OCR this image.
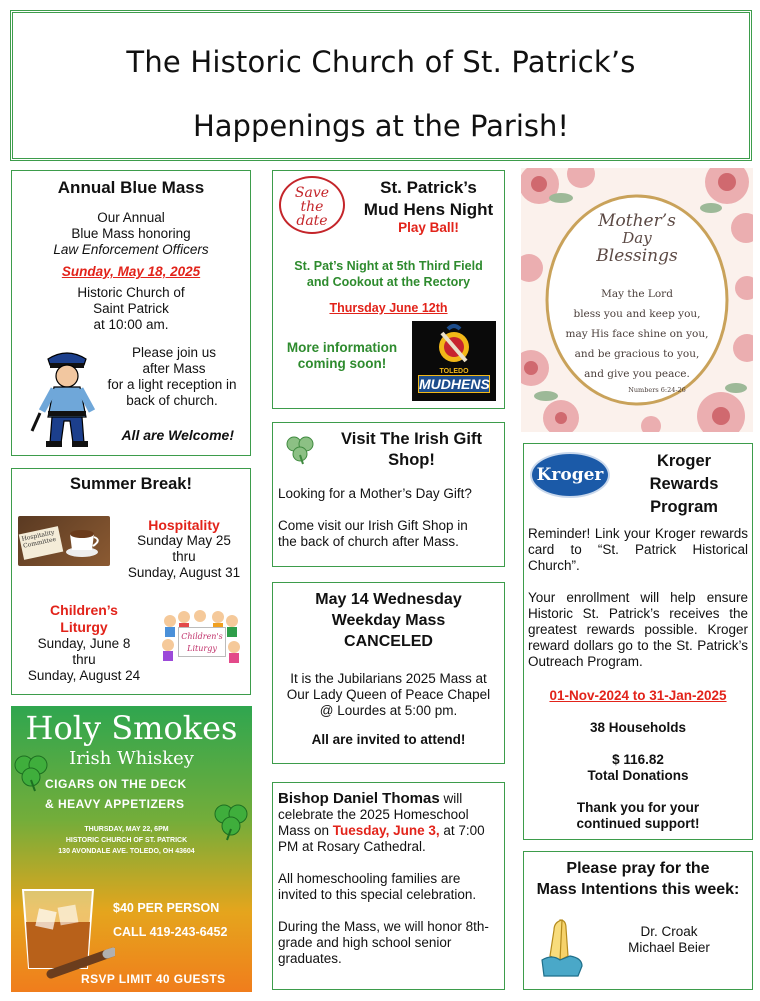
The Historic Church of St. Patrick’s
Happenings at the Parish!
Annual Blue Mass
Our Annual
Blue Mass honoring
Law Enforcement Officers
Sunday, May 18, 2025
Historic Church of
Saint Patrick
at 10:00 am.
Please join us
after Mass
for a light reception in
back of church.
All are Welcome!
Save
the
date
St. Patrick’s
Mud Hens Night
Play Ball!
St. Pat’s Night at 5th Third Field
and Cookout at the Rectory
Thursday June 12th
More information
coming soon!
TOLEDO
MUDHENS
Mother’s
Day
Blessings
May the Lord
bless you and keep you,
may His face shine on you,
and be gracious to you,
and give you peace.
Numbers 6:24-26
Visit The Irish Gift
Shop!
Looking for a Mother’s Day Gift?
Come visit our Irish Gift Shop in
the back of church after Mass.
Summer Break!
Hospitality Committee
Hospitality
Sunday May 25
thru
Sunday, August 31
Children’s
Liturgy
Sunday, June 8
thru
Sunday, August 24
Children's Liturgy
May 14 Wednesday
Weekday Mass
CANCELED
It is the Jubilarians 2025 Mass at
Our Lady Queen of Peace Chapel
@ Lourdes at 5:00 pm.
All are invited to attend!
Kroger
Kroger
Rewards
Program
Reminder! Link your Kroger rewards card to “St. Patrick Historical Church”.
Your enrollment will help ensure Historic St. Patrick’s receives the greatest rewards possible. Kroger reward dollars go to the St. Patrick’s Outreach Program.
01-Nov-2024 to 31-Jan-2025
38 Households
$ 116.82
Total Donations
Thank you for your
continued support!
Holy Smokes
Irish Whiskey
CIGARS ON THE DECK
& HEAVY APPETIZERS
THURSDAY, MAY 22, 6PM
HISTORIC CHURCH OF ST. PATRICK
130 AVONDALE AVE. TOLEDO, OH 43604
$40 PER PERSON
CALL 419-243-6452
RSVP LIMIT 40 GUESTS
Bishop Daniel Thomas will celebrate the 2025 Homeschool Mass on Tuesday, June 3, at 7:00 PM at Rosary Cathedral.
All homeschooling families are invited to this special celebration.
During the Mass, we will honor 8th-grade and high school senior graduates.
Please pray for the
Mass Intentions this week:
Dr. Croak
Michael Beier
